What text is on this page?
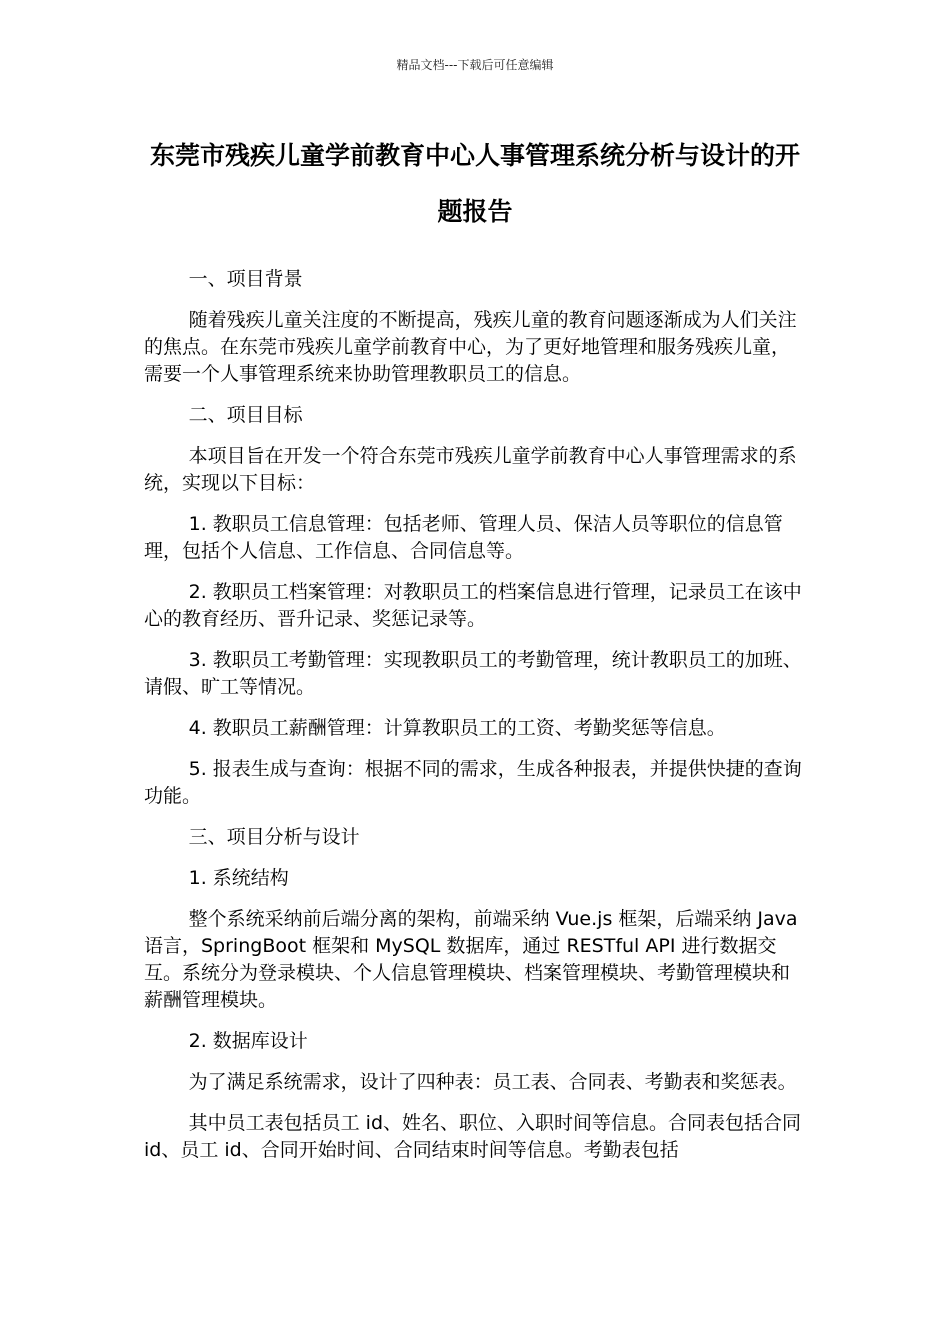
精品文档---下载后可任意编辑
东莞市残疾儿童学前教育中心人事管理系统分析与设计的开题报告

一、项目背景

随着残疾儿童关注度的不断提高，残疾儿童的教育问题逐渐成为人们关注的焦点。在东莞市残疾儿童学前教育中心，为了更好地管理和服务残疾儿童，需要一个人事管理系统来协助管理教职员工的信息。

二、项目目标

本项目旨在开发一个符合东莞市残疾儿童学前教育中心人事管理需求的系统，实现以下目标：

1. 教职员工信息管理：包括老师、管理人员、保洁人员等职位的信息管理，包括个人信息、工作信息、合同信息等。

2. 教职员工档案管理：对教职员工的档案信息进行管理，记录员工在该中心的教育经历、晋升记录、奖惩记录等。

3. 教职员工考勤管理：实现教职员工的考勤管理，统计教职员工的加班、请假、旷工等情况。

4. 教职员工薪酬管理：计算教职员工的工资、考勤奖惩等信息。

5. 报表生成与查询：根据不同的需求，生成各种报表，并提供快捷的查询功能。

三、项目分析与设计

1. 系统结构

整个系统采纳前后端分离的架构，前端采纳 Vue.js 框架，后端采纳 Java 语言，SpringBoot 框架和 MySQL 数据库，通过 RESTful API 进行数据交互。系统分为登录模块、个人信息管理模块、档案管理模块、考勤管理模块和薪酬管理模块。

2. 数据库设计

为了满足系统需求，设计了四种表：员工表、合同表、考勤表和奖惩表。

其中员工表包括员工 id、姓名、职位、入职时间等信息。合同表包括合同 id、员工 id、合同开始时间、合同结束时间等信息。考勤表包括
